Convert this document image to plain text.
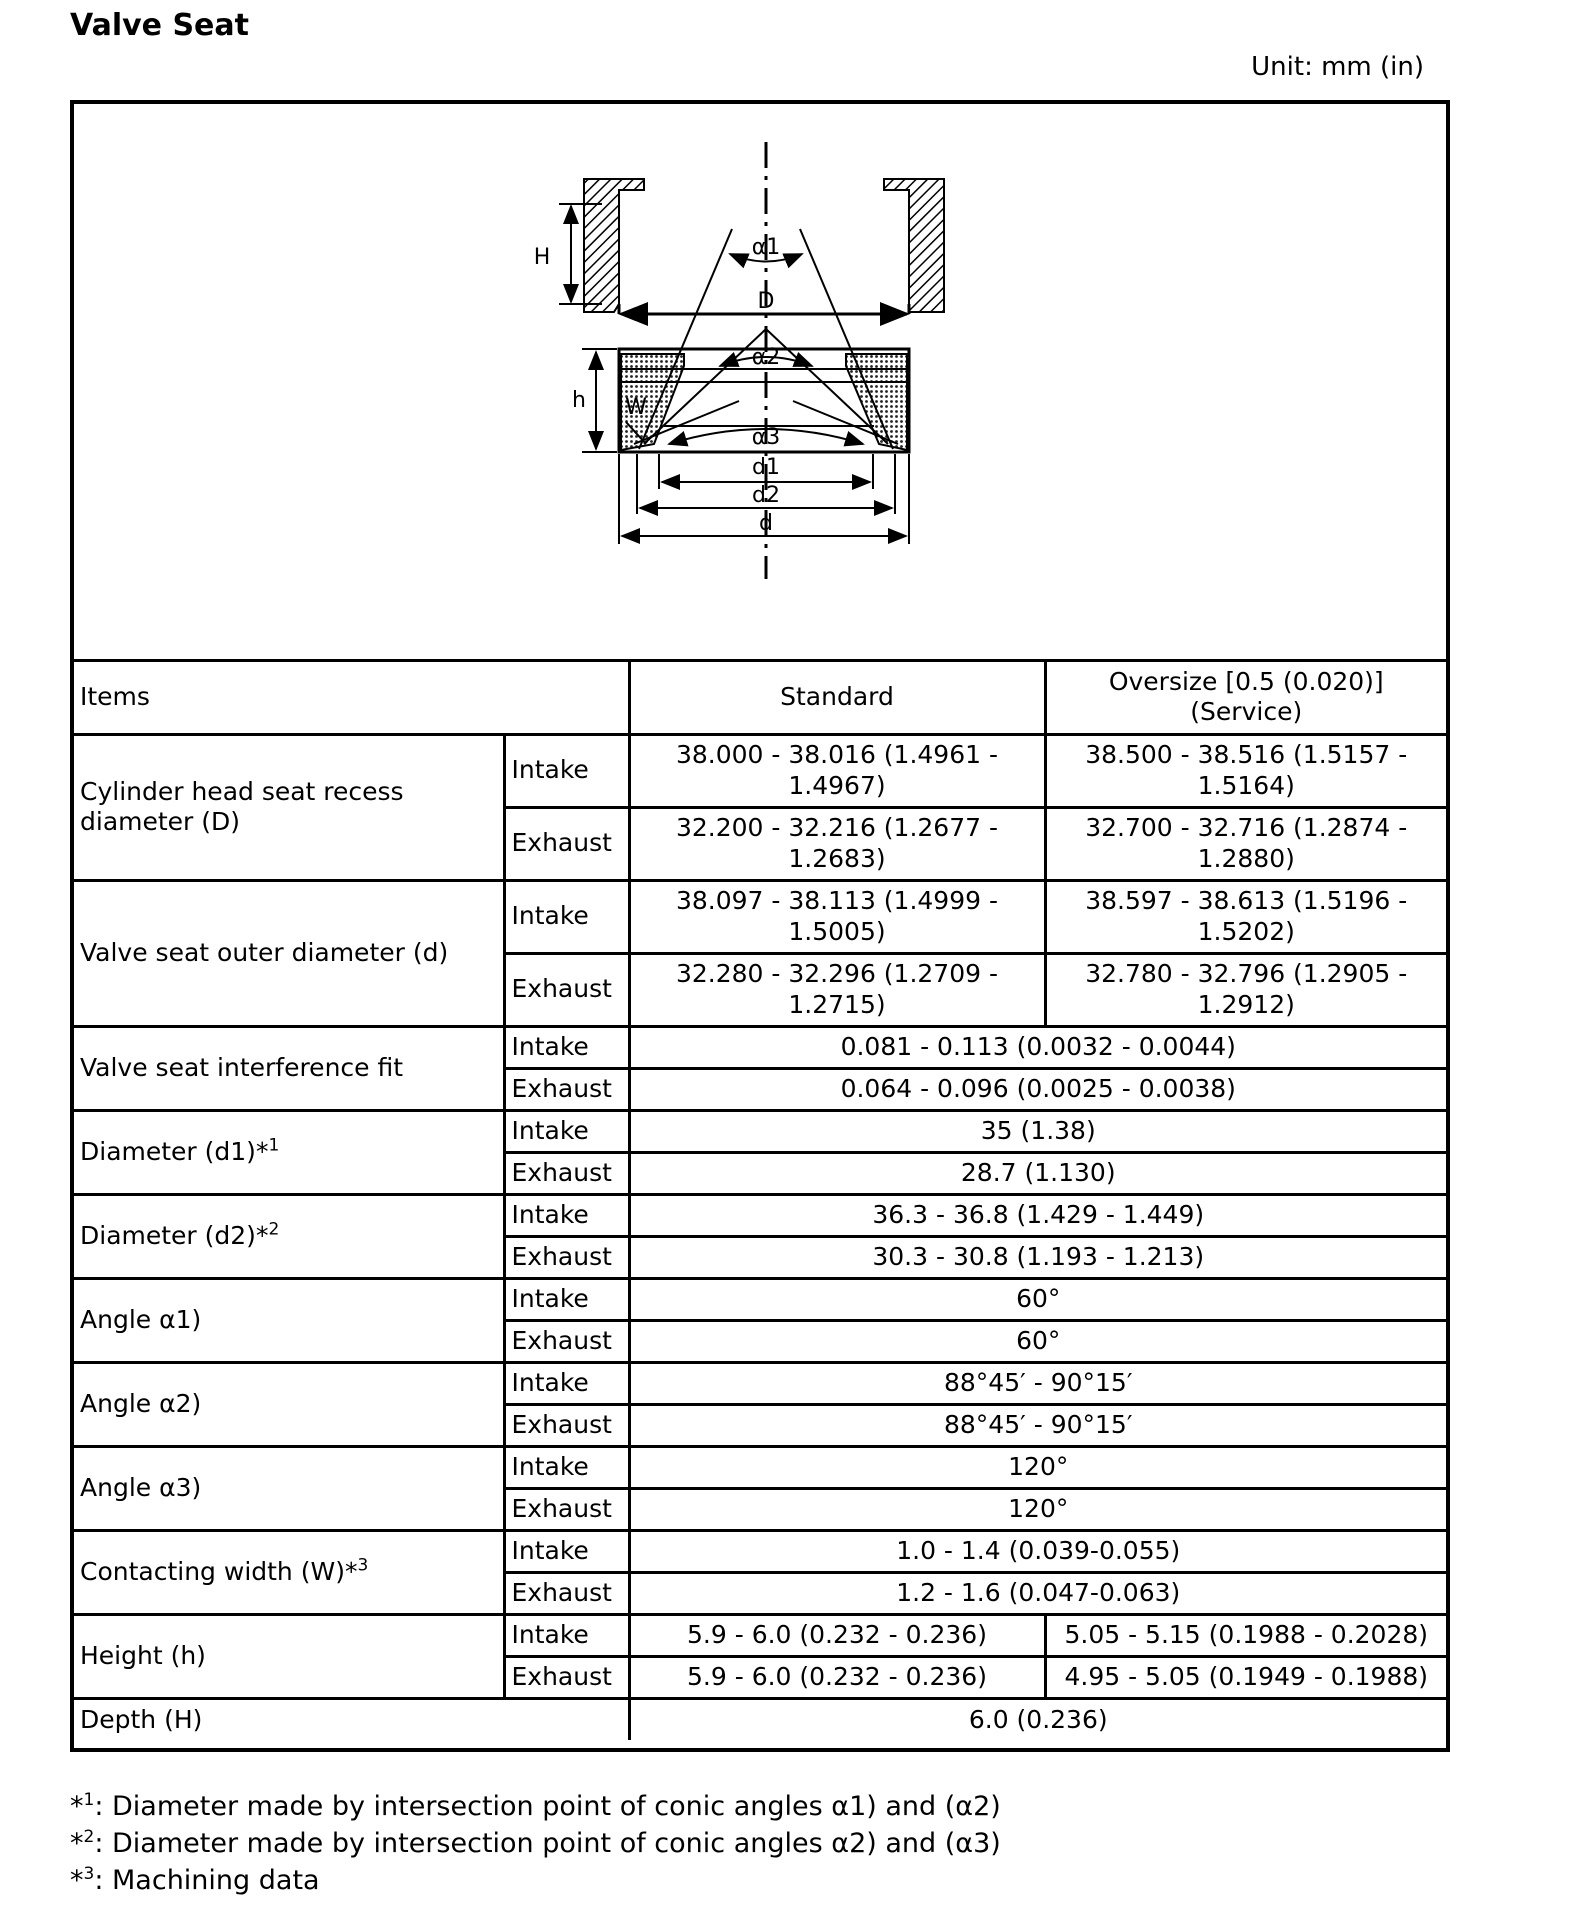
Valve Seat
Unit: mm (in)
H
D
α1
α2
α3
h W
d1
d2
d
Items		Standard	Oversize [0.5 (0.020)]
(Service)
Cylinder head seat recess diameter (D)	Intake	38.000 - 38.016 (1.4961 - 1.4967)	38.500 - 38.516 (1.5157 - 1.5164)
	Exhaust	32.200 - 32.216 (1.2677 - 1.2683)	32.700 - 32.716 (1.2874 - 1.2880)
Valve seat outer diameter (d)	Intake	38.097 - 38.113 (1.4999 - 1.5005)	38.597 - 38.613 (1.5196 - 1.5202)
	Exhaust	32.280 - 32.296 (1.2709 - 1.2715)	32.780 - 32.796 (1.2905 - 1.2912)
Valve seat interference fit	Intake	0.081 - 0.113 (0.0032 - 0.0044)	
	Exhaust	0.064 - 0.096 (0.0025 - 0.0038)	
Diameter (d1)*$^1$	Intake	35 (1.38)	
	Exhaust	28.7 (1.130)	
Diameter (d2)*$^2$	Intake	36.3 - 36.8 (1.429 - 1.449)	
	Exhaust	30.3 - 30.8 (1.193 - 1.213)	
Angle α1)	Intake	60°	
	Exhaust	60°	
Angle α2)	Intake	88°45′ - 90°15′	
	Exhaust	88°45′ - 90°15′	
Angle α3)	Intake	120°	
	Exhaust	120°	
Contacting width (W)*$^3$	Intake	1.0 - 1.4 (0.039-0.055)	
	Exhaust	1.2 - 1.6 (0.047-0.063)	
Height (h)	Intake	5.9 - 6.0 (0.232 - 0.236)	5.05 - 5.15 (0.1988 - 0.2028)
	Exhaust	5.9 - 6.0 (0.232 - 0.236)	4.95 - 5.05 (0.1949 - 0.1988)
Depth (H)		6.0 (0.236)	
*$^1$: Diameter made by intersection point of conic angles α1) and (α2)
*$^2$: Diameter made by intersection point of conic angles α2) and (α3)
*$^3$: Machining data
